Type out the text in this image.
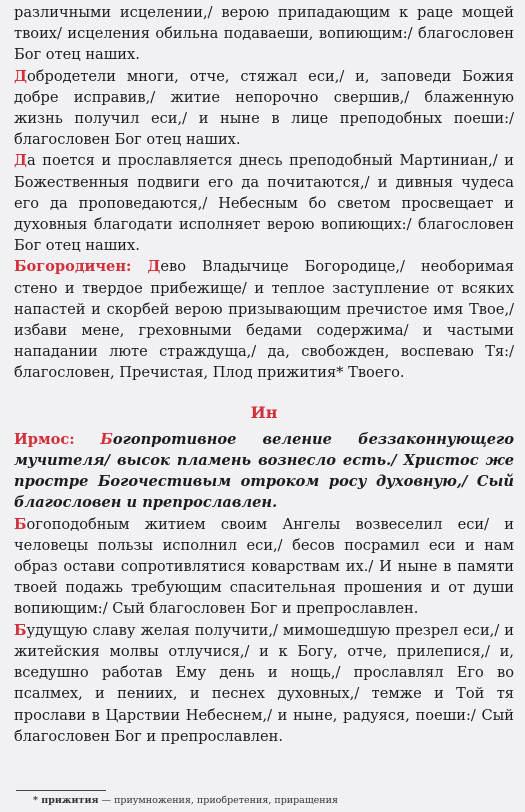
различными исцелении,/ верою припадающим к раце мощей твоих/ исцеления обильна подаваеши, вопиющим:/ благословен Бог отец наших.

Добродетели многи, отче, стяжал еси,/ и, заповеди Божия добре исправив,/ житие непорочно свершив,/ блаженную жизнь получил еси,/ и ныне в лице преподобных поеши:/ благословен Бог отец наших.

Да поется и прославляется днесь преподобный Мартиниан,/ и Божественныя подвиги его да почитаются,/ и дивныя чудеса его да проповедаются,/ Небесным бо светом просвещает и духовныя благодати исполняет верою вопиющих:/ благословен Бог отец наших.

Богородичен: Дево Владычице Богородице,/ необоримая стено и твердое прибежище/ и теплое заступление от всяких напастей и скорбей верою призывающим пречистое имя Твое,/ избави мене, греховными бедами содержима/ и частыми нападании люте страждуща,/ да, свобожден, воспеваю Тя:/ благословен, Пречистая, Плод прижития* Твоего.

Ин

Ирмос: Богопротивное веление беззаконнующего мучителя/ высок пламень вознесло есть./ Христос же простре Богочестивым отроком росу духовную,/ Сый благословен и препрославлен.

Богоподобным житием своим Ангелы возвеселил еси/ и человецы пользы исполнил еси,/ бесов посрамил еси и нам образ остави сопротивлятися коварствам их./ И ныне в памяти твоей подажь требующим спасительная прошения и от души вопиющим:/ Сый благословен Бог и препрославлен.

Будущую славу желая получити,/ мимошедшую презрел еси,/ и житейския молвы отлучися,/ и к Богу, отче, прилепися,/ и, вседушно работав Ему день и нощь,/ прославлял Его во псалмех, и пениих, и песнех духовных,/ темже и Той тя прослави в Царствии Небеснем,/ и ныне, радуяся, поеши:/ Сый благословен Бог и препрославлен.

* прижития — приумножения, приобретения, приращения
